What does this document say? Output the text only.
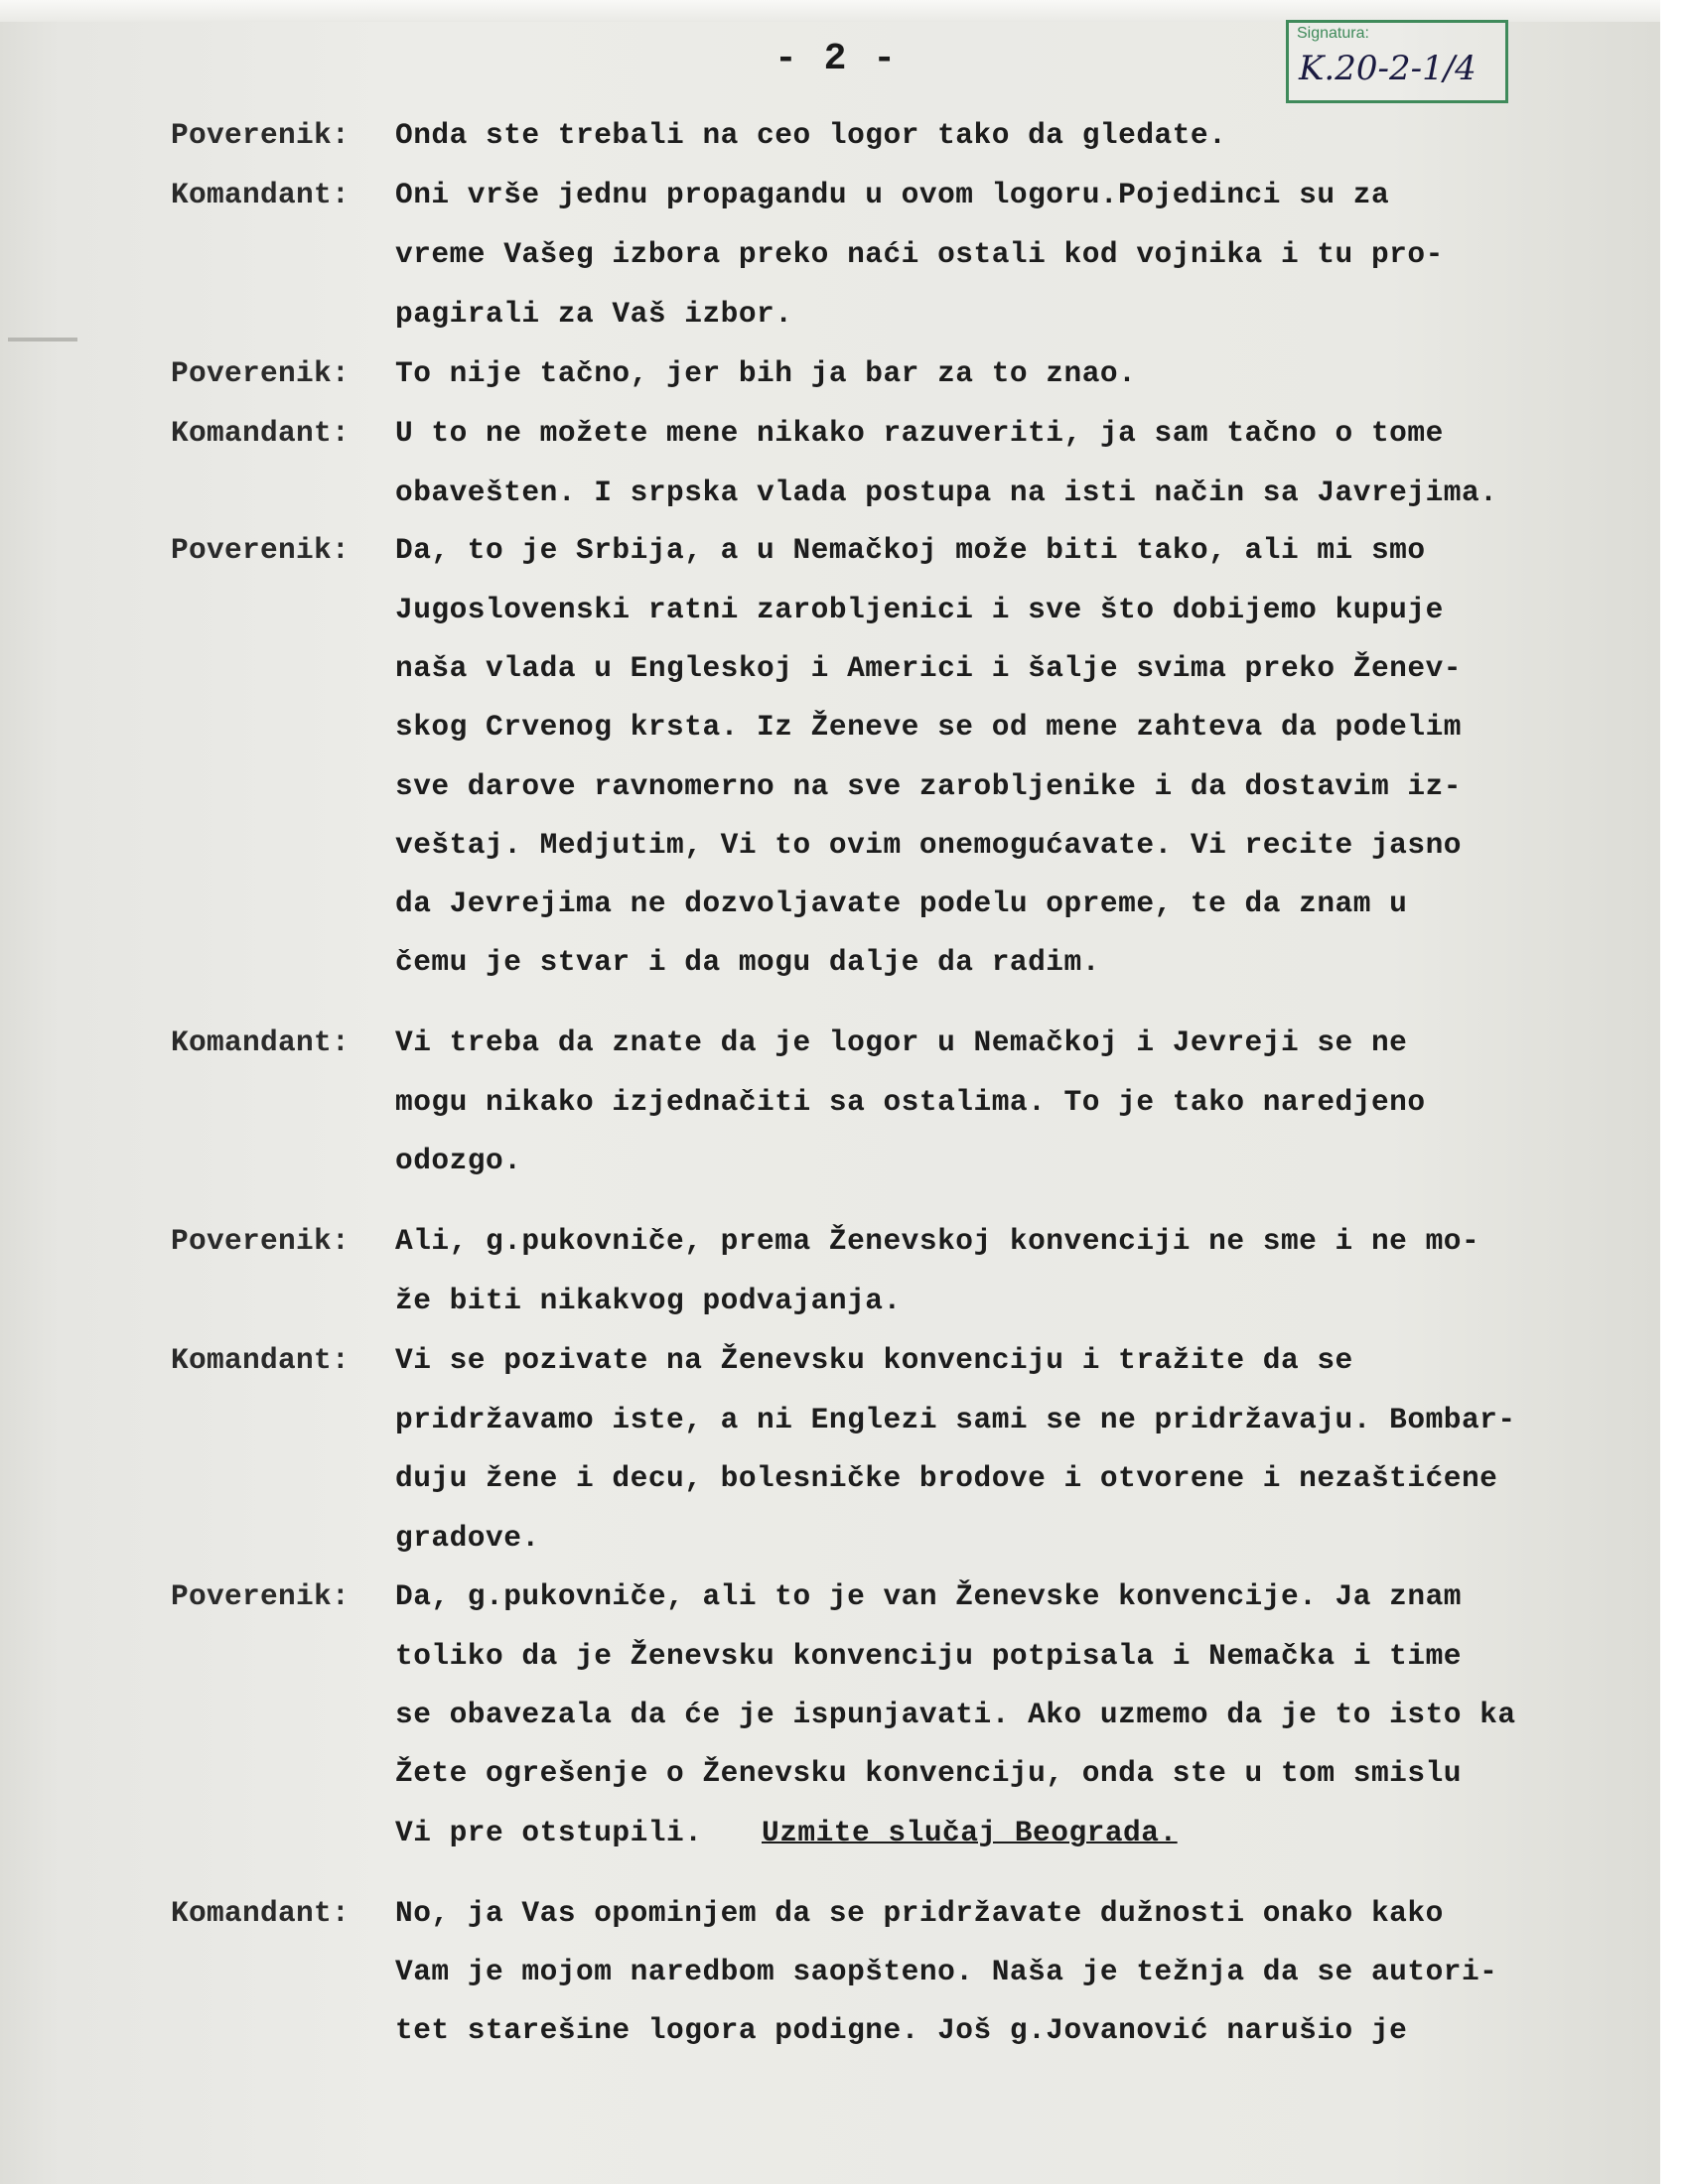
- 2 -
Signatura:
K.20-2-1/4
Poverenik: Onda ste trebali na ceo logor tako da gledate.
Komandant: Oni vrše jednu propagandu u ovom logoru.Pojedinci su za
vreme Vašeg izbora preko naći ostali kod vojnika i tu pro-
pagirali za Vaš izbor.
Poverenik: To nije tačno, jer bih ja bar za to znao.
Komandant: U to ne možete mene nikako razuveriti, ja sam tačno o tome
obavešten. I srpska vlada postupa na isti način sa Javrejima.
Poverenik: Da, to je Srbija, a u Nemačkoj može biti tako, ali mi smo
Jugoslovenski ratni zarobljenici i sve što dobijemo kupuje
naša vlada u Engleskoj i Americi i šalje svima preko Ženev-
skog Crvenog krsta. Iz Ženeve se od mene zahteva da podelim
sve darove ravnomerno na sve zarobljenike i da dostavim iz-
veštaj. Medjutim, Vi to ovim onemogućavate. Vi recite jasno
da Jevrejima ne dozvoljavate podelu opreme, te da znam u
čemu je stvar i da mogu dalje da radim.
Komandant: Vi treba da znate da je logor u Nemačkoj i Jevreji se ne
mogu nikako izjednačiti sa ostalima. To je tako naredjeno
odozgo.
Poverenik: Ali, g.pukovniče, prema Ženevskoj konvenciji ne sme i ne mo-
že biti nikakvog podvajanja.
Komandant: Vi se pozivate na Ženevsku konvenciju i tražite da se
pridržavamo iste, a ni Englezi sami se ne pridržavaju. Bombar-
duju žene i decu, bolesničke brodove i otvorene i nezaštićene
gradove.
Poverenik: Da, g.pukovniče, ali to je van Ženevske konvencije. Ja znam
toliko da je Ženevsku konvenciju potpisala i Nemačka i time
se obavezala da će je ispunjavati. Ako uzmemo da je to isto ka
Žete ogrešenje o Ženevsku konvenciju, onda ste u tom smislu
Vi pre otstupili. Uzmite slučaj Beograda.
Komandant: No, ja Vas opominjem da se pridržavate dužnosti onako kako
Vam je mojom naredbom saopšteno. Naša je težnja da se autori-
tet starešine logora podigne. Još g.Jovanović narušio je
